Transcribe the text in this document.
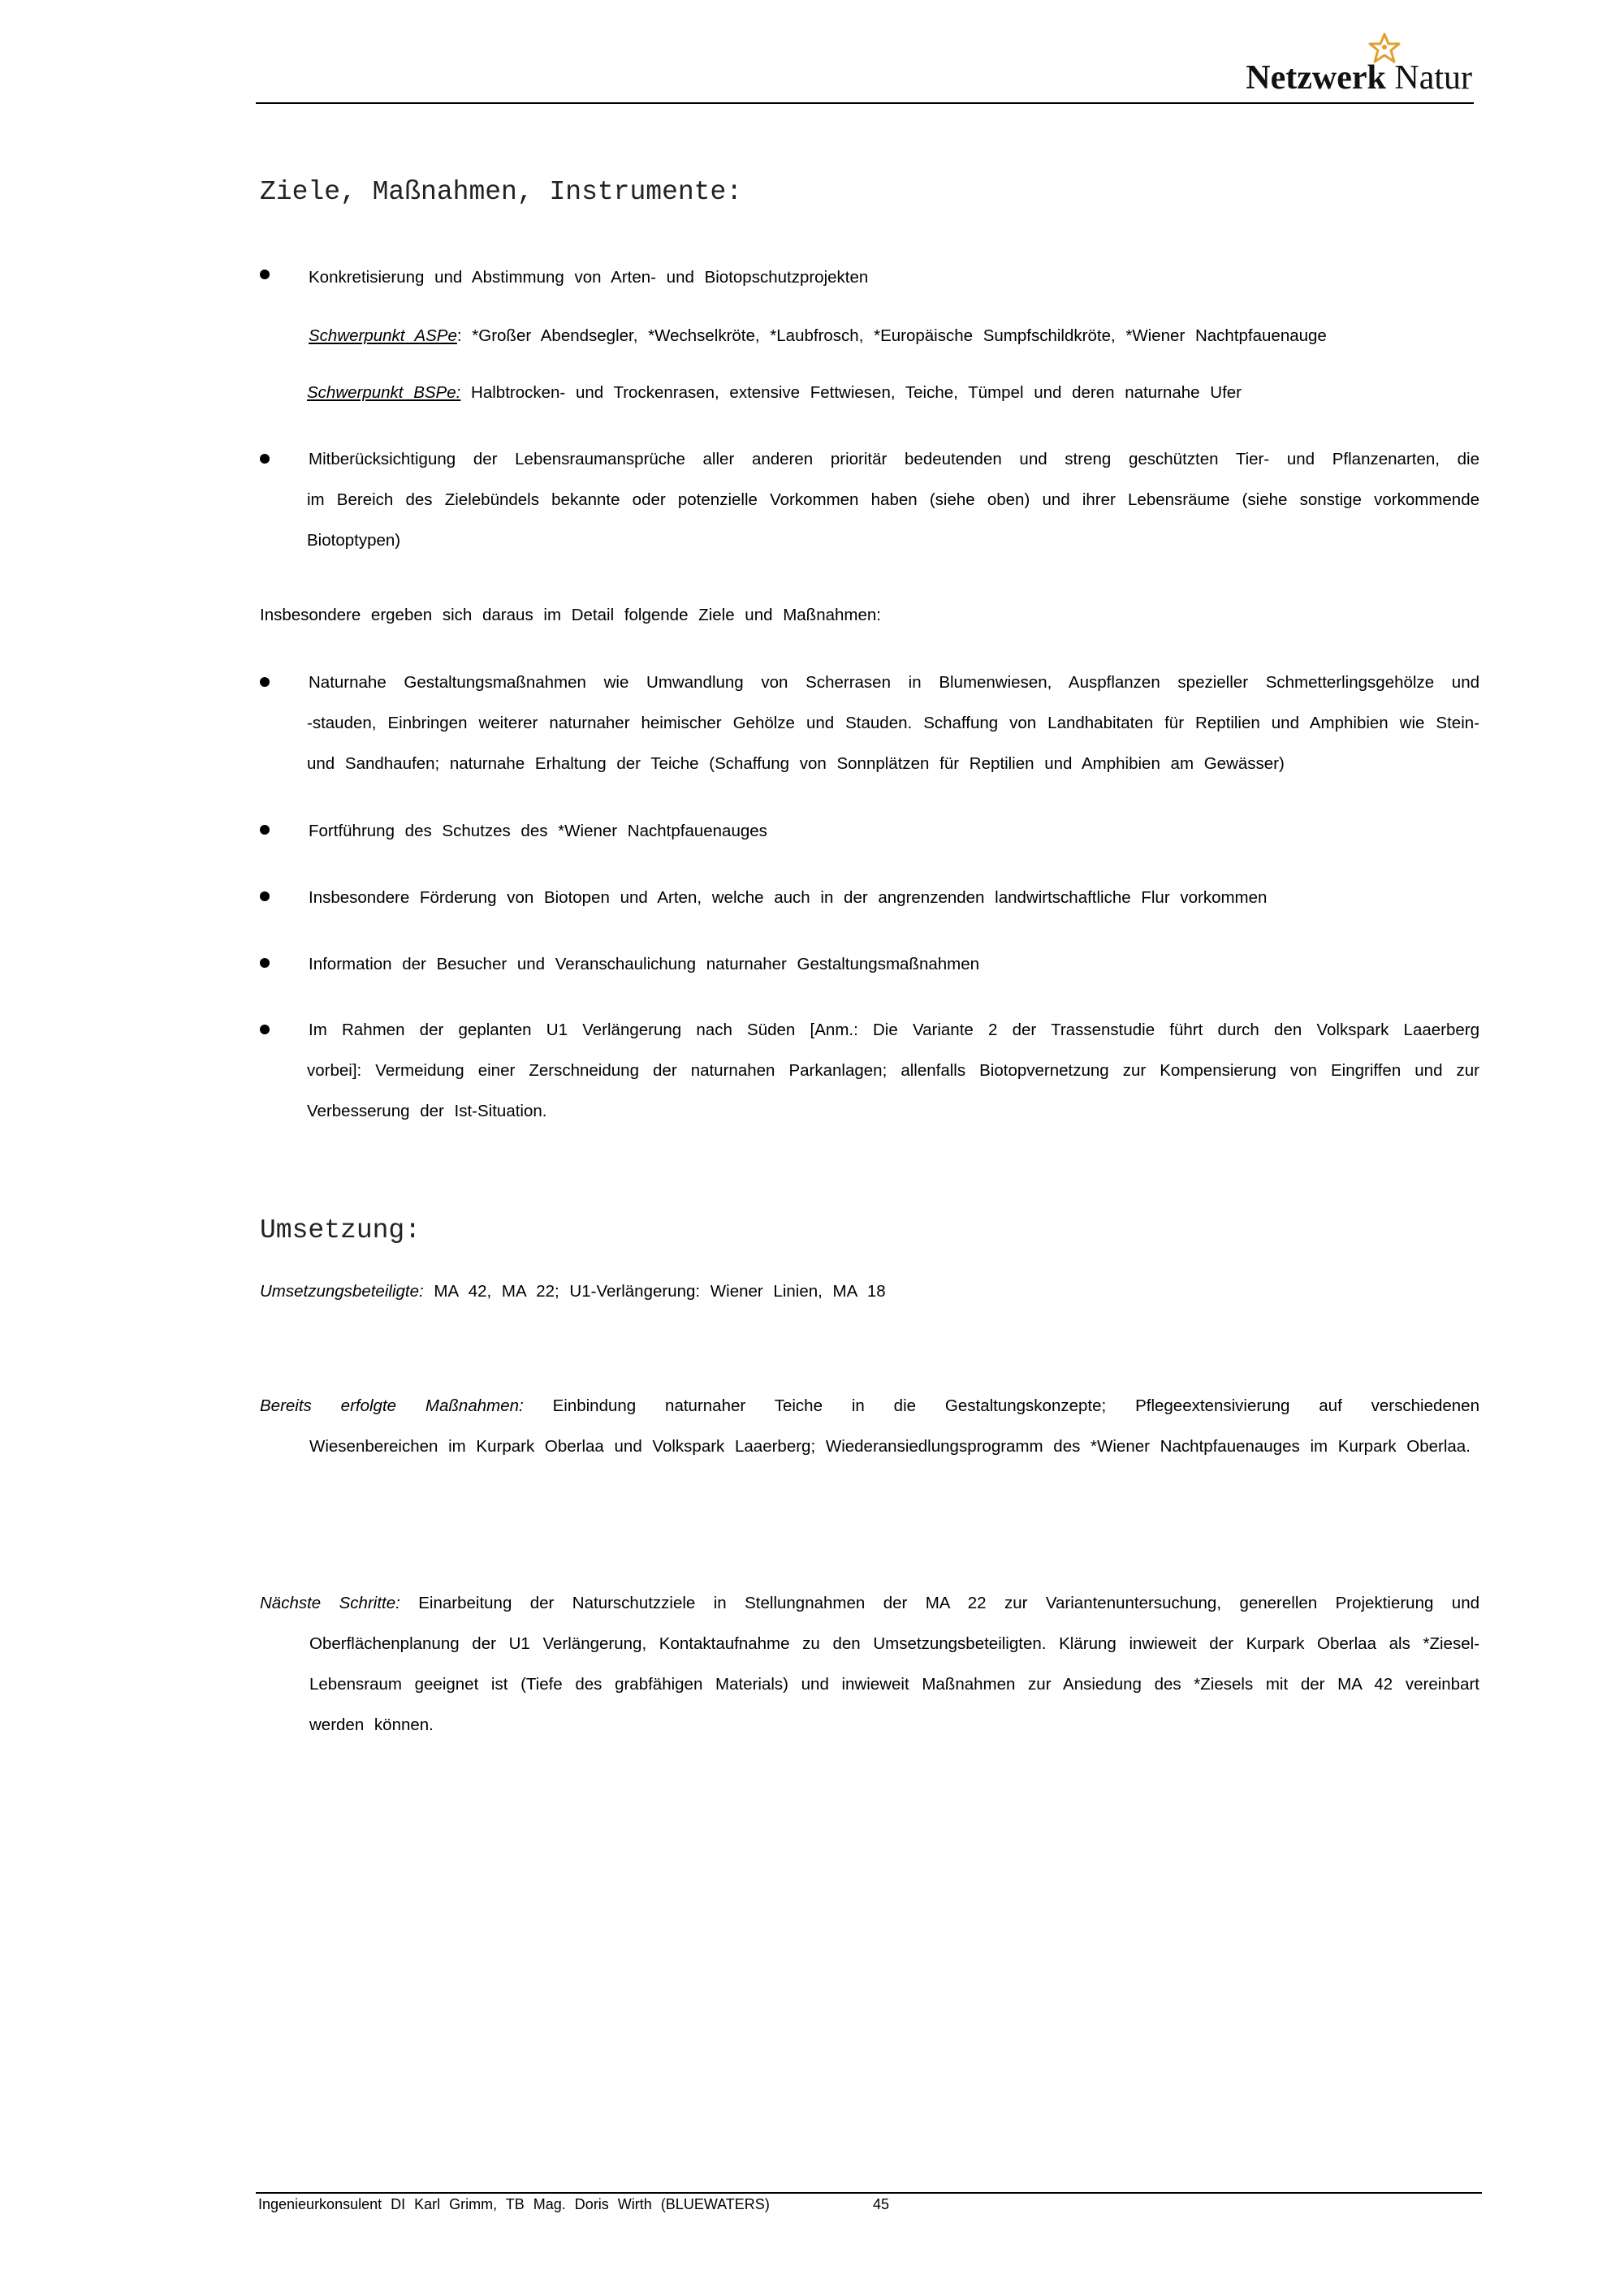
Netzwerk Natur
Ziele, Maßnahmen, Instrumente:
Konkretisierung und Abstimmung von Arten- und Biotopschutzprojekten
Schwerpunkt ASPe: *Großer Abendsegler, *Wechselkröte, *Laubfrosch, *Europäische Sumpfschildkröte, *Wiener Nachtpfauenauge
Schwerpunkt BSPe: Halbtrocken- und Trockenrasen, extensive Fettwiesen, Teiche, Tümpel und deren naturnahe Ufer
Mitberücksichtigung der Lebensraumansprüche aller anderen prioritär bedeutenden und streng geschützten Tier- und Pflanzenarten, die
im Bereich des Zielebündels bekannte oder potenzielle Vorkommen haben (siehe oben) und ihrer Lebensräume (siehe sonstige vorkommende Biotoptypen)
Insbesondere ergeben sich daraus im Detail folgende Ziele und Maßnahmen:
Naturnahe Gestaltungsmaßnahmen wie Umwandlung von Scherrasen in Blumenwiesen, Auspflanzen spezieller Schmetterlingsgehölze und
-stauden, Einbringen weiterer naturnaher heimischer Gehölze und Stauden. Schaffung von Landhabitaten für Reptilien und Amphibien wie Stein- und Sandhaufen; naturnahe Erhaltung der Teiche (Schaffung von Sonnplätzen für Reptilien und Amphibien am Gewässer)
Fortführung des Schutzes des *Wiener Nachtpfauenauges
Insbesondere Förderung von Biotopen und Arten, welche auch in der angrenzenden landwirtschaftliche Flur vorkommen
Information der Besucher und Veranschaulichung naturnaher Gestaltungsmaßnahmen
Im Rahmen der geplanten U1 Verlängerung nach Süden [Anm.: Die Variante 2 der Trassenstudie führt durch den Volkspark Laaerberg
vorbei]: Vermeidung einer Zerschneidung der naturnahen Parkanlagen; allenfalls Biotopvernetzung zur Kompensierung von Eingriffen und zur Verbesserung der Ist-Situation.
Umsetzung:
Umsetzungsbeteiligte: MA 42, MA 22; U1-Verlängerung: Wiener Linien, MA 18
Bereits erfolgte Maßnahmen: Einbindung naturnaher Teiche in die Gestaltungskonzepte; Pflegeextensivierung auf verschiedenen
Wiesenbereichen im Kurpark Oberlaa und Volkspark Laaerberg; Wiederansiedlungsprogramm des *Wiener Nachtpfauenauges im Kurpark Oberlaa.
Nächste Schritte: Einarbeitung der Naturschutzziele in Stellungnahmen der MA 22 zur Variantenuntersuchung, generellen Projektierung und
Oberflächenplanung der U1 Verlängerung, Kontaktaufnahme zu den Umsetzungsbeteiligten. Klärung inwieweit der Kurpark Oberlaa als *Ziesel-Lebensraum geeignet ist (Tiefe des grabfähigen Materials) und inwieweit Maßnahmen zur Ansiedung des *Ziesels mit der MA 42 vereinbart werden können.
Ingenieurkonsulent DI Karl Grimm, TB Mag. Doris Wirth (BLUEWATERS)	45
